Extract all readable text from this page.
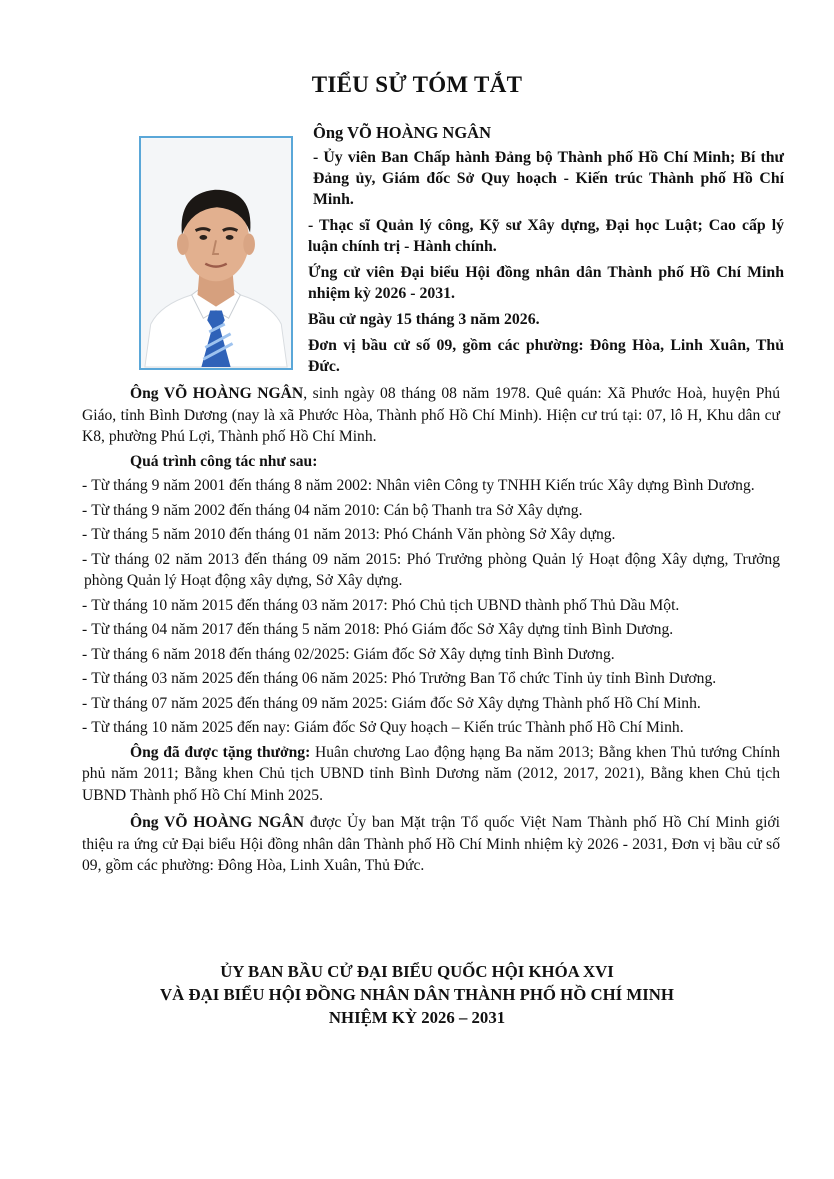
TIỂU SỬ TÓM TẮT
Ông VÕ HOÀNG NGÂN

- Ủy viên Ban Chấp hành Đảng bộ Thành phố Hồ Chí Minh; Bí thư Đảng ủy, Giám đốc Sở Quy hoạch - Kiến trúc Thành phố Hồ Chí Minh.

- Thạc sĩ Quản lý công, Kỹ sư Xây dựng, Đại học Luật; Cao cấp lý luận chính trị - Hành chính.

Ứng cử viên Đại biểu Hội đồng nhân dân Thành phố Hồ Chí Minh nhiệm kỳ 2026 - 2031.

Bầu cử ngày 15 tháng 3 năm 2026.

Đơn vị bầu cử số 09, gồm các phường: Đông Hòa, Linh Xuân, Thủ Đức.

Ông VÕ HOÀNG NGÂN, sinh ngày 08 tháng 08 năm 1978. Quê quán: Xã Phước Hoà, huyện Phú Giáo, tỉnh Bình Dương (nay là xã Phước Hòa, Thành phố Hồ Chí Minh). Hiện cư trú tại: 07, lô H, Khu dân cư K8, phường Phú Lợi, Thành phố Hồ Chí Minh.

Quá trình công tác như sau:

- Từ tháng 9 năm 2001 đến tháng 8 năm 2002: Nhân viên Công ty TNHH Kiến trúc Xây dựng Bình Dương.

- Từ tháng 9 năm 2002 đến tháng 04 năm 2010: Cán bộ Thanh tra Sở Xây dựng.

- Từ tháng 5 năm 2010 đến tháng 01 năm 2013: Phó Chánh Văn phòng Sở Xây dựng.

- Từ tháng 02 năm 2013 đến tháng 09 năm 2015: Phó Trưởng phòng Quản lý Hoạt động Xây dựng, Trưởng phòng Quản lý Hoạt động xây dựng, Sở Xây dựng.

- Từ tháng 10 năm 2015 đến tháng 03 năm 2017: Phó Chủ tịch UBND thành phố Thủ Dầu Một.

- Từ tháng 04 năm 2017 đến tháng 5 năm 2018: Phó Giám đốc Sở Xây dựng tỉnh Bình Dương.

- Từ tháng 6 năm 2018 đến tháng 02/2025: Giám đốc Sở Xây dựng tỉnh Bình Dương.

- Từ tháng 03 năm 2025 đến tháng 06 năm 2025: Phó Trưởng Ban Tổ chức Tỉnh ủy tỉnh Bình Dương.

- Từ tháng 07 năm 2025 đến tháng 09 năm 2025: Giám đốc Sở Xây dựng Thành phố Hồ Chí Minh.

- Từ tháng 10 năm 2025 đến nay: Giám đốc Sở Quy hoạch – Kiến trúc Thành phố Hồ Chí Minh.

Ông đã được tặng thưởng: Huân chương Lao động hạng Ba năm 2013; Bằng khen Thủ tướng Chính phủ năm 2011; Bằng khen Chủ tịch UBND tỉnh Bình Dương năm (2012, 2017, 2021), Bằng khen Chủ tịch UBND Thành phố Hồ Chí Minh 2025.

Ông VÕ HOÀNG NGÂN được Ủy ban Mặt trận Tổ quốc Việt Nam Thành phố Hồ Chí Minh giới thiệu ra ứng cử Đại biểu Hội đồng nhân dân Thành phố Hồ Chí Minh nhiệm kỳ 2026 - 2031, Đơn vị bầu cử số 09, gồm các phường: Đông Hòa, Linh Xuân, Thủ Đức.

ỦY BAN BẦU CỬ ĐẠI BIỂU QUỐC HỘI KHÓA XVI
VÀ ĐẠI BIỂU HỘI ĐỒNG NHÂN DÂN THÀNH PHỐ HỒ CHÍ MINH
NHIỆM KỲ 2026 – 2031
